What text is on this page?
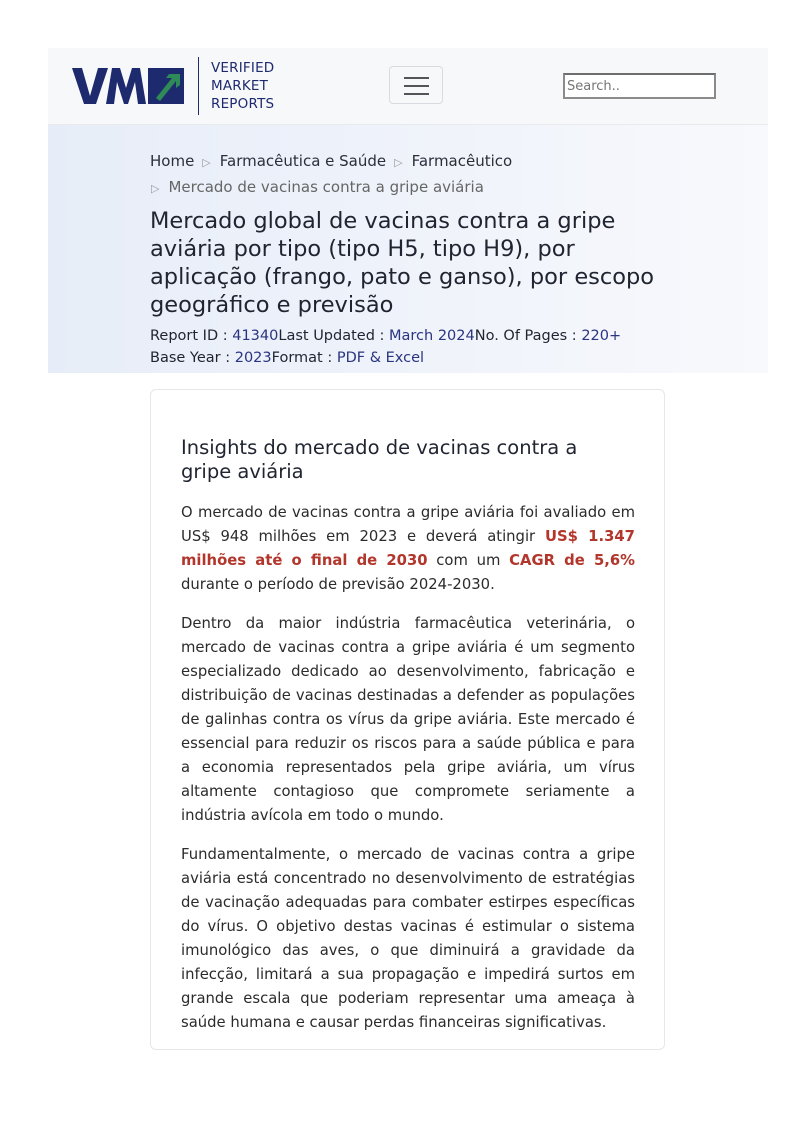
VERIFIED
MARKET
REPORTS
Search..
Home ▷ Farmacêutica e Saúde ▷ Farmacêutico
▷ Mercado de vacinas contra a gripe aviária
Mercado global de vacinas contra a gripe aviária por tipo (tipo H5, tipo H9), por aplicação (frango, pato e ganso), por escopo geográfico e previsão
Report ID : 41340Last Updated : March 2024No. Of Pages : 220+
Base Year : 2023Format : PDF & Excel
Insights do mercado de vacinas contra a gripe aviária

O mercado de vacinas contra a gripe aviária foi avaliado em US$ 948 milhões em 2023 e deverá atingir US$ 1.347 milhões até o final de 2030 com um CAGR de 5,6% durante o período de previsão 2024-2030.

Dentro da maior indústria farmacêutica veterinária, o mercado de vacinas contra a gripe aviária é um segmento especializado dedicado ao desenvolvimento, fabricação e distribuição de vacinas destinadas a defender as populações de galinhas contra os vírus da gripe aviária. Este mercado é essencial para reduzir os riscos para a saúde pública e para a economia representados pela gripe aviária, um vírus altamente contagioso que compromete seriamente a indústria avícola em todo o mundo.

Fundamentalmente, o mercado de vacinas contra a gripe aviária está concentrado no desenvolvimento de estratégias de vacinação adequadas para combater estirpes específicas do vírus. O objetivo destas vacinas é estimular o sistema imunológico das aves, o que diminuirá a gravidade da infecção, limitará a sua propagação e impedirá surtos em grande escala que poderiam representar uma ameaça à saúde humana e causar perdas financeiras significativas.
